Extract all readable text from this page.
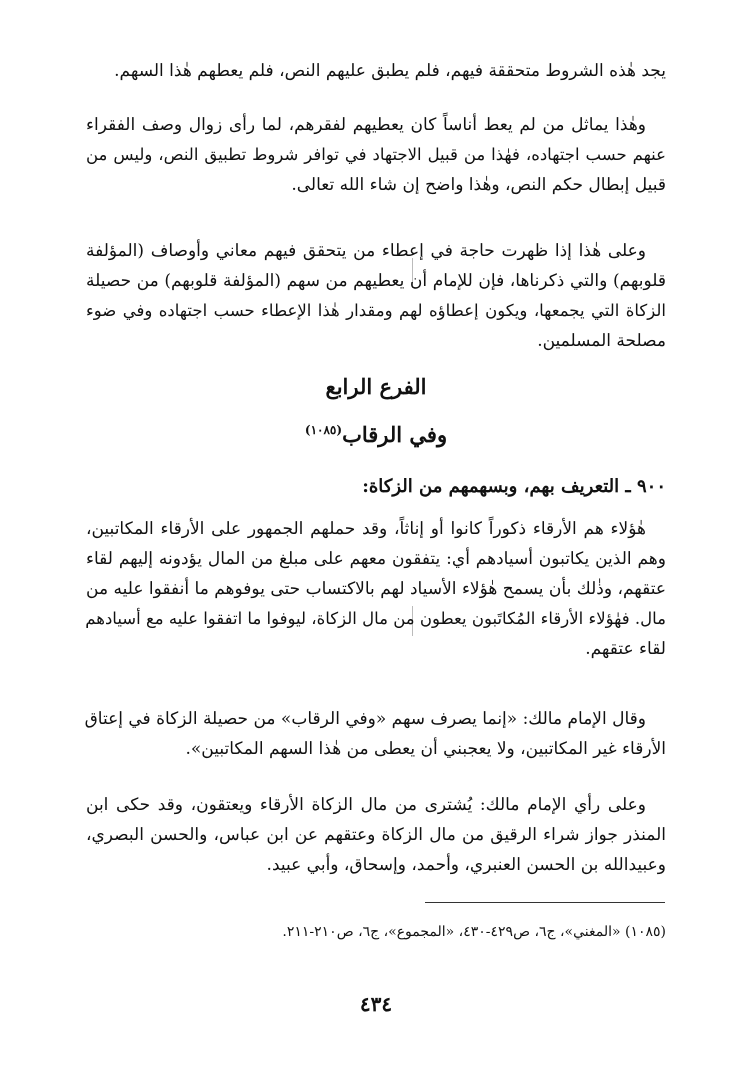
يجد هٰذه الشروط متحققة فيهم، فلم يطبق عليهم النص، فلم يعطهم هٰذا السهم.
وهٰذا يماثل من لم يعط أناساً كان يعطيهم لفقرهم، لما رأى زوال وصف الفقراء
عنهم حسب اجتهاده، فهٰذا من قبيل الاجتهاد في توافر شروط تطبيق النص، وليس من
قبيل إبطال حكم النص، وهٰذا واضح إن شاء الله تعالى.
وعلى هٰذا إذا ظهرت حاجة في إعطاء من يتحقق فيهم معاني وأوصاف (المؤلفة
قلوبهم) والتي ذكرناها، فإن للإمام أن يعطيهم من سهم (المؤلفة قلوبهم) من حصيلة
الزكاة التي يجمعها، ويكون إعطاؤه لهم ومقدار هٰذا الإعطاء حسب اجتهاده وفي ضوء
مصلحة المسلمين.
الفرع الرابع
وفي الرقاب$^{(١٠٨٥)}$
٩٠٠ ـ التعريف بهم، وبسهمهم من الزكاة:
هٰؤلاء هم الأرقاء ذكوراً كانوا أو إناثاً، وقد حملهم الجمهور على الأرقاء المكاتبين،
وهم الذين يكاتبون أسيادهم أي: يتفقون معهم على مبلغ من المال يؤدونه إليهم لقاء
عتقهم، وذٰلك بأن يسمح هٰؤلاء الأسياد لهم بالاكتساب حتى يوفوهم ما أنفقوا عليه من
مال. فهٰؤلاء الأرقاء المُكاتَبون يعطون من مال الزكاة، ليوفوا ما اتفقوا عليه مع أسيادهم
لقاء عتقهم.
وقال الإمام مالك: «إنما يصرف سهم «وفي الرقاب» من حصيلة الزكاة في إعتاق
الأرقاء غير المكاتبين، ولا يعجبني أن يعطى من هٰذا السهم المكاتبين».
وعلى رأي الإمام مالك: يُشترى من مال الزكاة الأرقاء ويعتقون، وقد حكى ابن
المنذر جواز شراء الرقيق من مال الزكاة وعتقهم عن ابن عباس، والحسن البصري،
وعبيدالله بن الحسن العنبري، وأحمد، وإسحاق، وأبي عبيد.
(١٠٨٥) «المغني»، ج٦، ص٤٢٩-٤٣٠، «المجموع»، ج٦، ص٢١٠-٢١١.
٤٣٤
